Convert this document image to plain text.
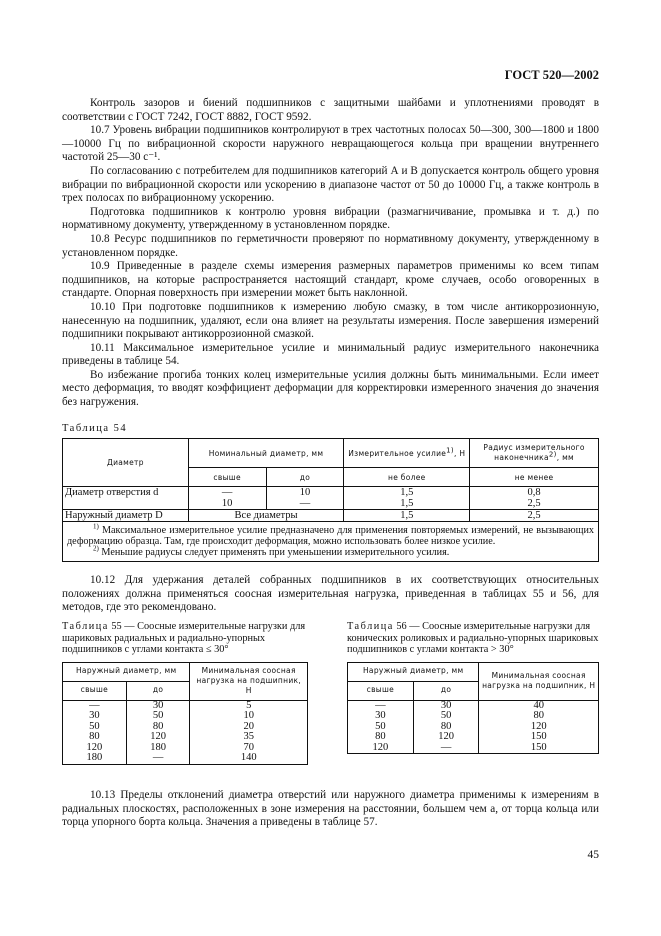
ГОСТ 520—2002

Контроль зазоров и биений подшипников с защитными шайбами и уплотнениями проводят в соответствии с ГОСТ 7242, ГОСТ 8882, ГОСТ 9592.

10.7 Уровень вибрации подшипников контролируют в трех частотных полосах 50—300, 300—1800 и 1800—10000 Гц по вибрационной скорости наружного невращающегося кольца при вращении внутреннего частотой 25—30 с⁻¹.

По согласованию с потребителем для подшипников категорий А и В допускается контроль общего уровня вибрации по вибрационной скорости или ускорению в диапазоне частот от 50 до 10000 Гц, а также контроль в трех полосах по вибрационному ускорению.

Подготовка подшипников к контролю уровня вибрации (размагничивание, промывка и т. д.) по нормативному документу, утвержденному в установленном порядке.

10.8 Ресурс подшипников по герметичности проверяют по нормативному документу, утвержденному в установленном порядке.

10.9 Приведенные в разделе схемы измерения размерных параметров применимы ко всем типам подшипников, на которые распространяется настоящий стандарт, кроме случаев, особо оговоренных в стандарте. Опорная поверхность при измерении может быть наклонной.

10.10 При подготовке подшипников к измерению любую смазку, в том числе антикоррозионную, нанесенную на подшипник, удаляют, если она влияет на результаты измерения. После завершения измерений подшипники покрывают антикоррозионной смазкой.

10.11 Максимальное измерительное усилие и минимальный радиус измерительного наконечника приведены в таблице 54.

Во избежание прогиба тонких колец измерительные усилия должны быть минимальными. Если имеет место деформация, то вводят коэффициент деформации для корректировки измеренного значения до значения без нагружения.

Таблица 54
Диаметр	Номинальный диаметр, мм		Измерительное усилие$^{1)}$, Н	Радиус измерительного наконечника$^{2)}$, мм
	свыше	до	не более	не менее
Диаметр отверстия d	—	10	1,5	0,8
	10	—	1,5	2,5
Наружный диаметр D	Все диаметры		1,5	2,5

$^{1)}$ Максимальное измерительное усилие предназначено для применения повторяемых измерений, не вызывающих деформацию образца. Там, где происходит деформация, можно использовать более низкое усилие.
$^{2)}$ Меньшие радиусы следует применять при уменьшении измерительного усилия.				

10.12 Для удержания деталей собранных подшипников в их соответствующих относительных положениях должна применяться соосная измерительная нагрузка, приведенная в таблицах 55 и 56, для методов, где это рекомендовано.

Таблица 55 — Соосные измерительные нагрузки для шариковых радиальных и радиально-упорных подшипников с углами контакта ≤ 30°
Наружный диаметр, мм		Минимальная соосная нагрузка на подшипник, Н
свыше	до	
—	30	5
30	50	10
50	80	20
80	120	35
120	180	70
180	—	140
Таблица 56 — Соосные измерительные нагрузки для конических роликовых и радиально-упорных шариковых подшипников с углами контакта > 30°
Наружный диаметр, мм		Минимальная соосная нагрузка на подшипник, Н
свыше	до	
—	30	40
30	50	80
50	80	120
80	120	150
120	—	150

10.13 Пределы отклонений диаметра отверстий или наружного диаметра применимы к измерениям в радиальных плоскостях, расположенных в зоне измерения на расстоянии, большем чем а, от торца кольца или торца упорного борта кольца. Значения а приведены в таблице 57.

45
